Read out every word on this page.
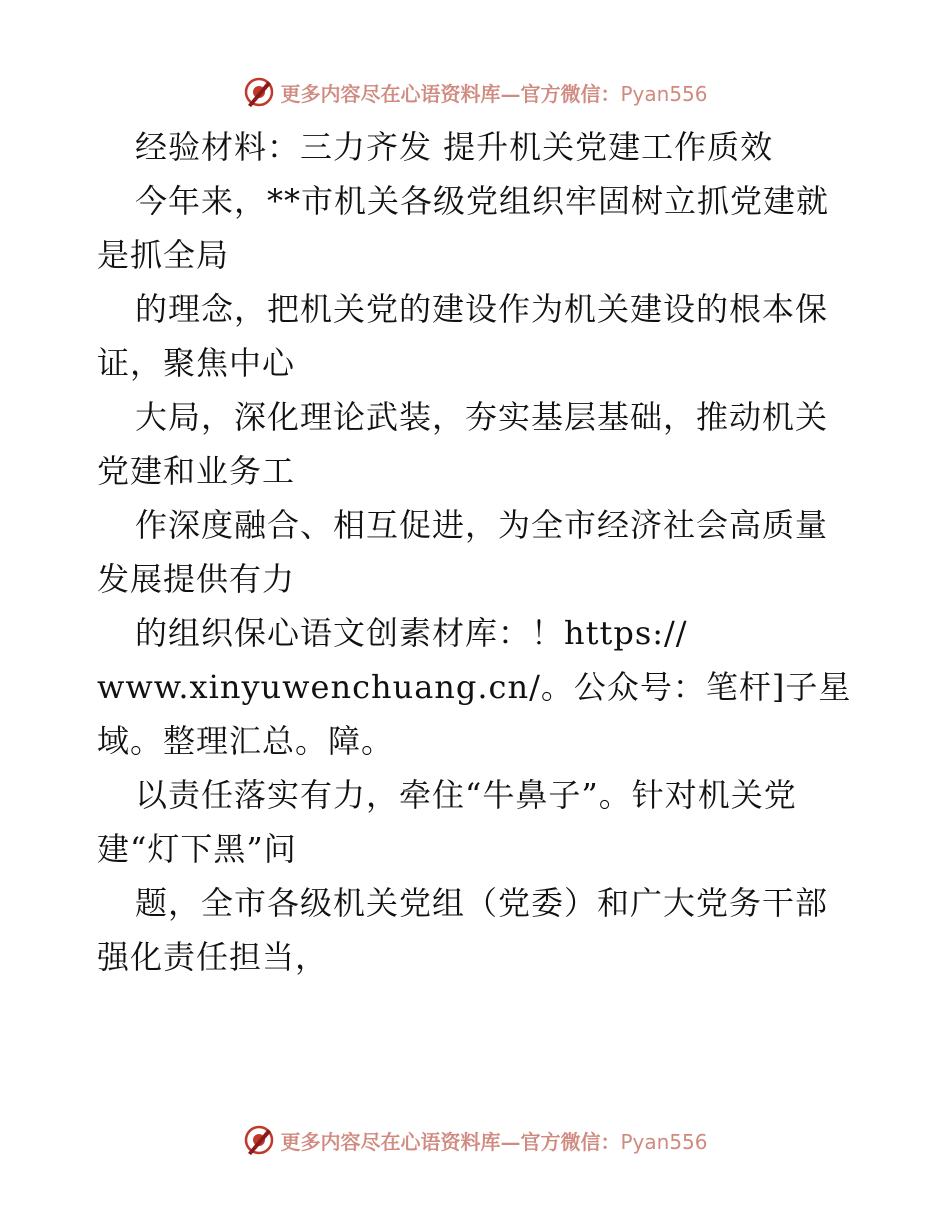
更多内容尽在心语资料库—官方微信：Pyan556
经验材料：三力齐发 提升机关党建工作质效
今年来，**市机关各级党组织牢固树立抓党建就
是抓全局
的理念，把机关党的建设作为机关建设的根本保
证，聚焦中心
大局，深化理论武装，夯实基层基础，推动机关
党建和业务工
作深度融合、相互促进，为全市经济社会高质量
发展提供有力
的组织保心语文创素材库：！https://
www.xinyuwenchuang.cn/。公众号：笔杆]子星
域。整理汇总。障。
以责任落实有力，牵住“牛鼻子”。针对机关党
建“灯下黑”问
题，全市各级机关党组（党委）和广大党务干部
强化责任担当，
更多内容尽在心语资料库—官方微信：Pyan556
